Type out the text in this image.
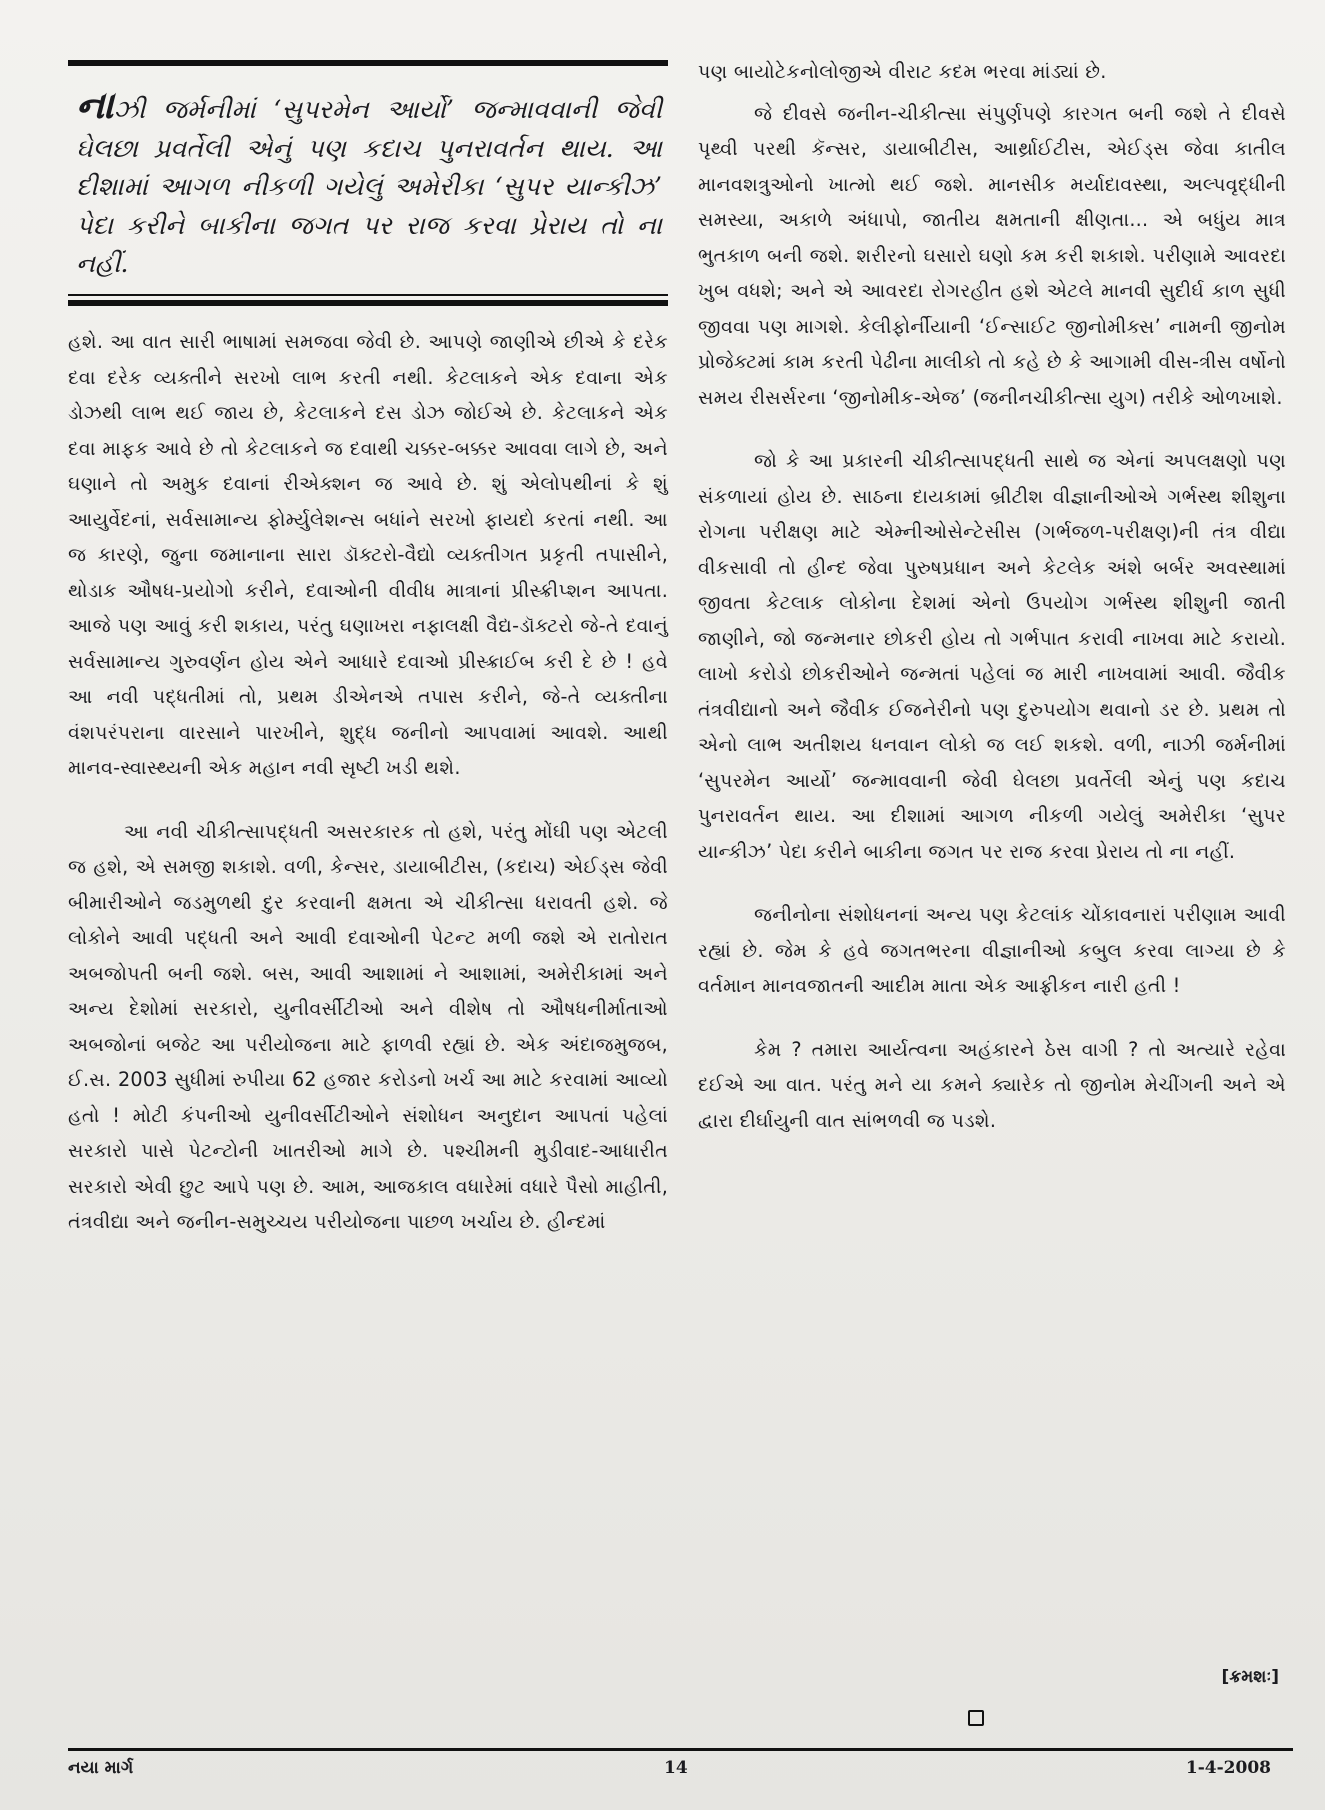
નાઝી જર્મનીમાં ‘સુપરમેન આર્યો’ જન્માવવાની જેવી ઘેલછા પ્રવર્તેલી એનું પણ કદાચ પુનરાવર્તન થાય. આ દીશામાં આગળ નીકળી ગયેલું અમેરીકા ‘સુપર યાન્કીઝ’ પેદા કરીને બાકીના જગત પર રાજ કરવા પ્રેરાય તો ના નહીં.

હશે. આ વાત સારી ભાષામાં સમજવા જેવી છે. આપણે જાણીએ છીએ કે દરેક દવા દરેક વ્યક્તીને સરખો લાભ કરતી નથી. કેટલાકને એક દવાના એક ડોઝથી લાભ થઈ જાય છે, કેટલાકને દસ ડોઝ જોઈએ છે. કેટલાકને એક દવા માફક આવે છે તો કેટલાકને જ દવાથી ચક્કર-બક્કર આવવા લાગે છે, અને ઘણાને તો અમુક દવાનાં રીએક્શન જ આવે છે. શું એલોપથીનાં કે શું આયુર્વેદનાં, સર્વસામાન્ય ફોર્મ્યુલેશન્સ બધાંને સરખો ફાયદો કરતાં નથી. આ જ કારણે, જુના જમાનાના સારા ડૉક્ટરો-વૈદ્યો વ્યક્તીગત પ્રકૃતી તપાસીને, થોડાક ઔષધ-પ્રયોગો કરીને, દવાઓની વીવીધ માત્રાનાં પ્રીસ્ક્રીપ્શન આપતા. આજે પણ આવું કરી શકાય, પરંતુ ઘણાખરા નફાલક્ષી વૈદ્ય-ડૉક્ટરો જે-તે દવાનું સર્વસામાન્ય ગુરુવર્ણન હોય એને આધારે દવાઓ પ્રીસ્ક્રાઈબ કરી દે છે ! હવે આ નવી પદ્ધતીમાં તો, પ્રથમ ડીએનએ તપાસ કરીને, જે-તે વ્યક્તીના વંશપરંપરાના વારસાને પારખીને, શુદ્ધ જનીનો આપવામાં આવશે. આથી માનવ-સ્વાસ્થ્યની એક મહાન નવી સૃષ્ટી ખડી થશે.

આ નવી ચીકીત્સાપદ્ધતી અસરકારક તો હશે, પરંતુ મોંઘી પણ એટલી જ હશે, એ સમજી શકાશે. વળી, કેન્સર, ડાયાબીટીસ, (કદાચ) એઈડ્સ જેવી બીમારીઓને જડમુળથી દુર કરવાની ક્ષમતા એ ચીકીત્સા ધરાવતી હશે. જે લોકોને આવી પદ્ધતી અને આવી દવાઓની પેટન્ટ મળી જશે એ રાતોરાત અબજોપતી બની જશે. બસ, આવી આશામાં ને આશામાં, અમેરીકામાં અને અન્ય દેશોમાં સરકારો, યુનીવર્સીટીઓ અને વીશેષ તો ઔષધનીર્માતાઓ અબજોનાં બજેટ આ પરીયોજના માટે ફાળવી રહ્યાં છે. એક અંદાજમુજબ, ઈ.સ. 2003 સુધીમાં રુપીયા 62 હજાર કરોડનો ખર્ચ આ માટે કરવામાં આવ્યો હતો ! મોટી કંપનીઓ યુનીવર્સીટીઓને સંશોધન અનુદાન આપતાં પહેલાં સરકારો પાસે પેટન્ટોની ખાતરીઓ માગે છે. પશ્ચીમની મુડીવાદ-આધારીત સરકારો એવી છુટ આપે પણ છે. આમ, આજકાલ વધારેમાં વધારે પૈસો માહીતી, તંત્રવીદ્યા અને જનીન-સમુચ્ચય પરીયોજના પાછળ ખર્ચાય છે. હીન્દમાં

પણ બાયોટેકનોલોજીએ વીરાટ કદમ ભરવા માંડ્યાં છે.

જે દીવસે જનીન-ચીકીત્સા સંપુર્ણપણે કારગત બની જશે તે દીવસે પૃથ્વી પરથી કૅન્સર, ડાયાબીટીસ, આર્થ્રાઈટીસ, એઈડ્સ જેવા કાતીલ માનવશત્રુઓનો ખાત્મો થઈ જશે. માનસીક મર્યાદાવસ્થા, અલ્પવૃદ્ધીની સમસ્યા, અકાળે અંધાપો, જાતીય ક્ષમતાની ક્ષીણતા... એ બધુંય માત્ર ભુતકાળ બની જશે. શરીરનો ઘસારો ઘણો કમ કરી શકાશે. પરીણામે આવરદા ખુબ વધશે; અને એ આવરદા રોગરહીત હશે એટલે માનવી સુદીર્ઘ કાળ સુધી જીવવા પણ માગશે. કેલીફોર્નીયાની ‘ઈન્સાઈટ જીનોમીક્સ’ નામની જીનોમ પ્રોજેક્ટમાં કામ કરતી પેઢીના માલીકો તો કહે છે કે આગામી વીસ-ત્રીસ વર્ષોનો સમય રીસર્સરના ‘જીનોમીક-એજ’ (જનીનચીકીત્સા યુગ) તરીકે ઓળખાશે.

જો કે આ પ્રકારની ચીકીત્સાપદ્ધતી સાથે જ એનાં અપલક્ષણો પણ સંકળાયાં હોય છે. સાઠના દાયકામાં બ્રીટીશ વીજ્ઞાનીઓએ ગર્ભસ્થ શીશુના રોગના પરીક્ષણ માટે એમ્નીઓસેન્ટેસીસ (ગર્ભજળ-પરીક્ષણ)ની તંત્ર વીદ્યા વીકસાવી તો હીન્દ જેવા પુરુષપ્રધાન અને કેટલેક અંશે બર્બર અવસ્થામાં જીવતા કેટલાક લોકોના દેશમાં એનો ઉપયોગ ગર્ભસ્થ શીશુની જાતી જાણીને, જો જન્મનાર છોકરી હોય તો ગર્ભપાત કરાવી નાખવા માટે કરાયો. લાખો કરોડો છોકરીઓને જન્મતાં પહેલાં જ મારી નાખવામાં આવી. જૈવીક તંત્રવીદ્યાનો અને જૈવીક ઈજનેરીનો પણ દુરુપયોગ થવાનો ડર છે. પ્રથમ તો એનો લાભ અતીશય ધનવાન લોકો જ લઈ શકશે. વળી, નાઝી જર્મનીમાં ‘સુપરમેન આર્યો’ જન્માવવાની જેવી ઘેલછા પ્રવર્તેલી એનું પણ કદાચ પુનરાવર્તન થાય. આ દીશામાં આગળ નીકળી ગયેલું અમેરીકા ‘સુપર યાન્કીઝ’ પેદા કરીને બાકીના જગત પર રાજ કરવા પ્રેરાય તો ના નહીં.

જનીનોના સંશોધનનાં અન્ય પણ કેટલાંક ચોંકાવનારાં પરીણામ આવી રહ્યાં છે. જેમ કે હવે જગતભરના વીજ્ઞાનીઓ કબુલ કરવા લાગ્યા છે કે વર્તમાન માનવજાતની આદીમ માતા એક આફ્રીકન નારી હતી !

કેમ ? તમારા આર્યત્વના અહંકારને ઠેસ વાગી ? તો અત્યારે રહેવા દઈએ આ વાત. પરંતુ મને યા કમને ક્યારેક તો જીનોમ મેચીંગની અને એ દ્વારા દીર્ઘાયુની વાત સાંભળવી જ પડશે.

[ક્રમશઃ]
નયા માર્ગ	14	1-4-2008
